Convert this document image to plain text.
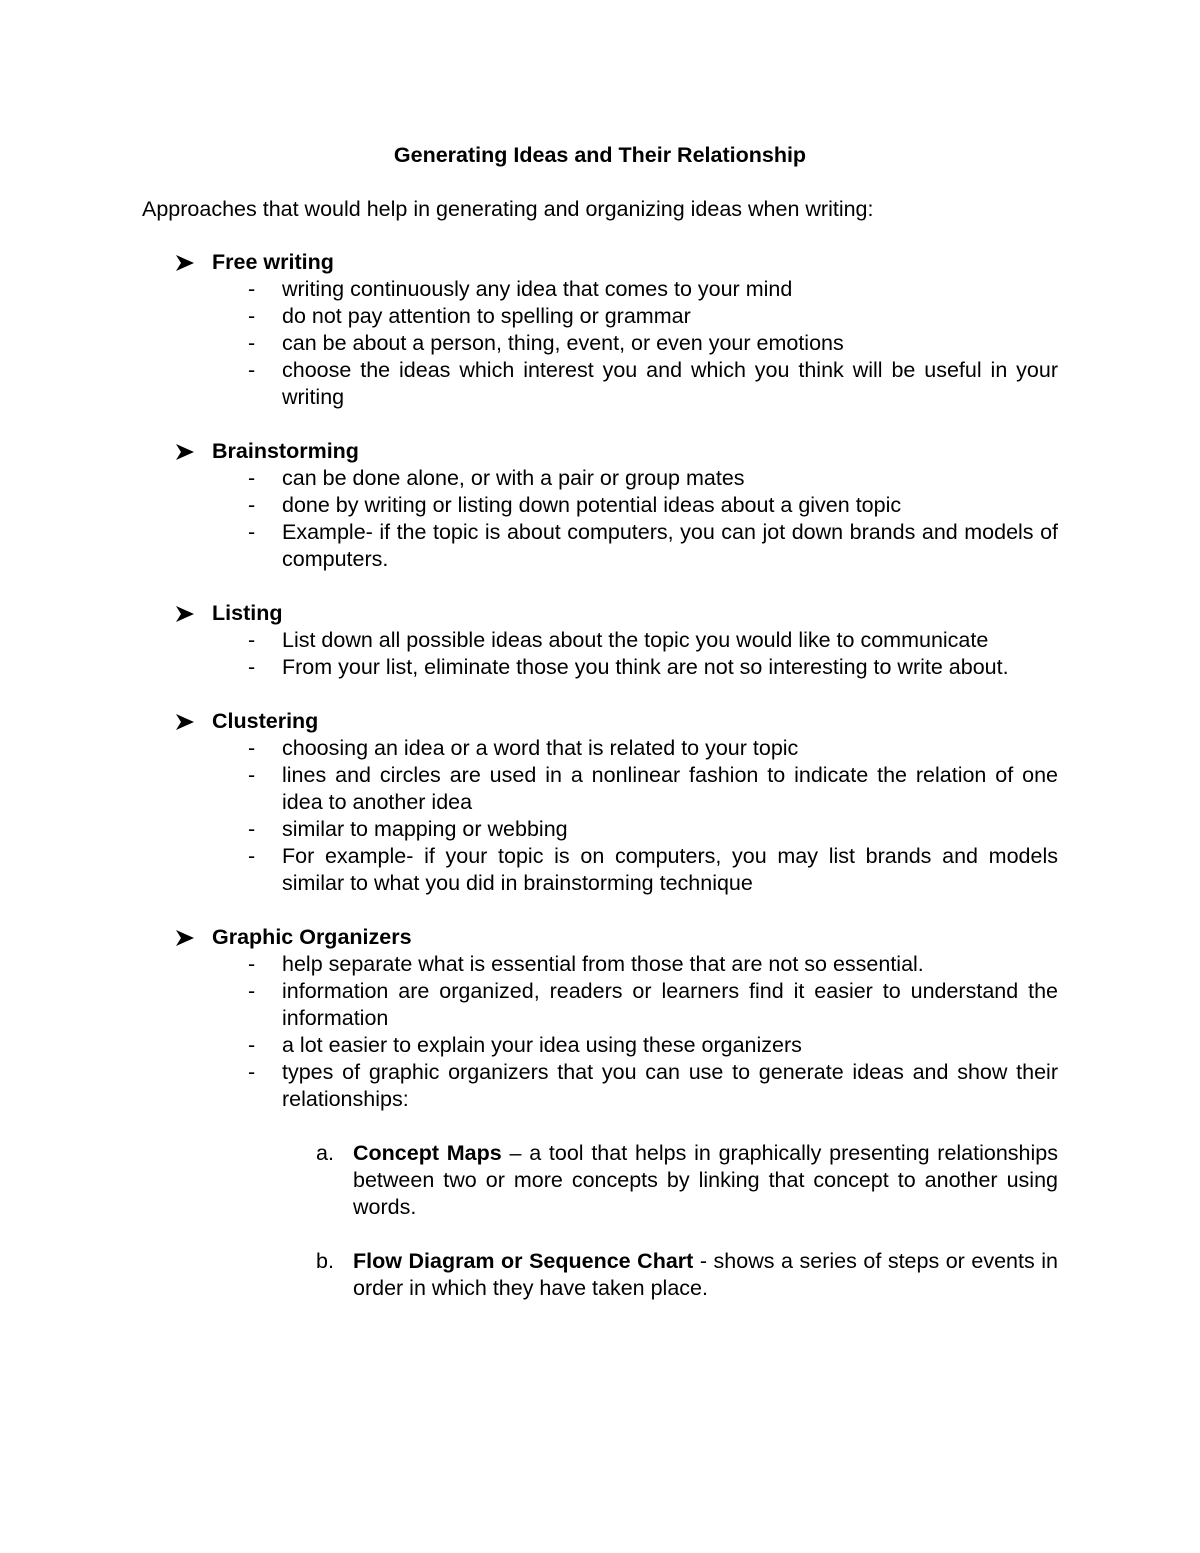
Generating Ideas and Their Relationship
Approaches that would help in generating and organizing ideas when writing:
Free writing
- writing continuously any idea that comes to your mind
- do not pay attention to spelling or grammar
- can be about a person, thing, event, or even your emotions
- choose the ideas which interest you and which you think will be useful in your writing
Brainstorming
- can be done alone, or with a pair or group mates
- done by writing or listing down potential ideas about a given topic
- Example- if the topic is about computers, you can jot down brands and models of computers.
Listing
- List down all possible ideas about the topic you would like to communicate
- From your list, eliminate those you think are not so interesting to write about.
Clustering
- choosing an idea or a word that is related to your topic
- lines and circles are used in a nonlinear fashion to indicate the relation of one idea to another idea
- similar to mapping or webbing
- For example- if your topic is on computers, you may list brands and models similar to what you did in brainstorming technique
Graphic Organizers
- help separate what is essential from those that are not so essential.
- information are organized, readers or learners find it easier to understand the information
- a lot easier to explain your idea using these organizers
- types of graphic organizers that you can use to generate ideas and show their relationships:
a. Concept Maps – a tool that helps in graphically presenting relationships between two or more concepts by linking that concept to another using words.
b. Flow Diagram or Sequence Chart - shows a series of steps or events in order in which they have taken place.
